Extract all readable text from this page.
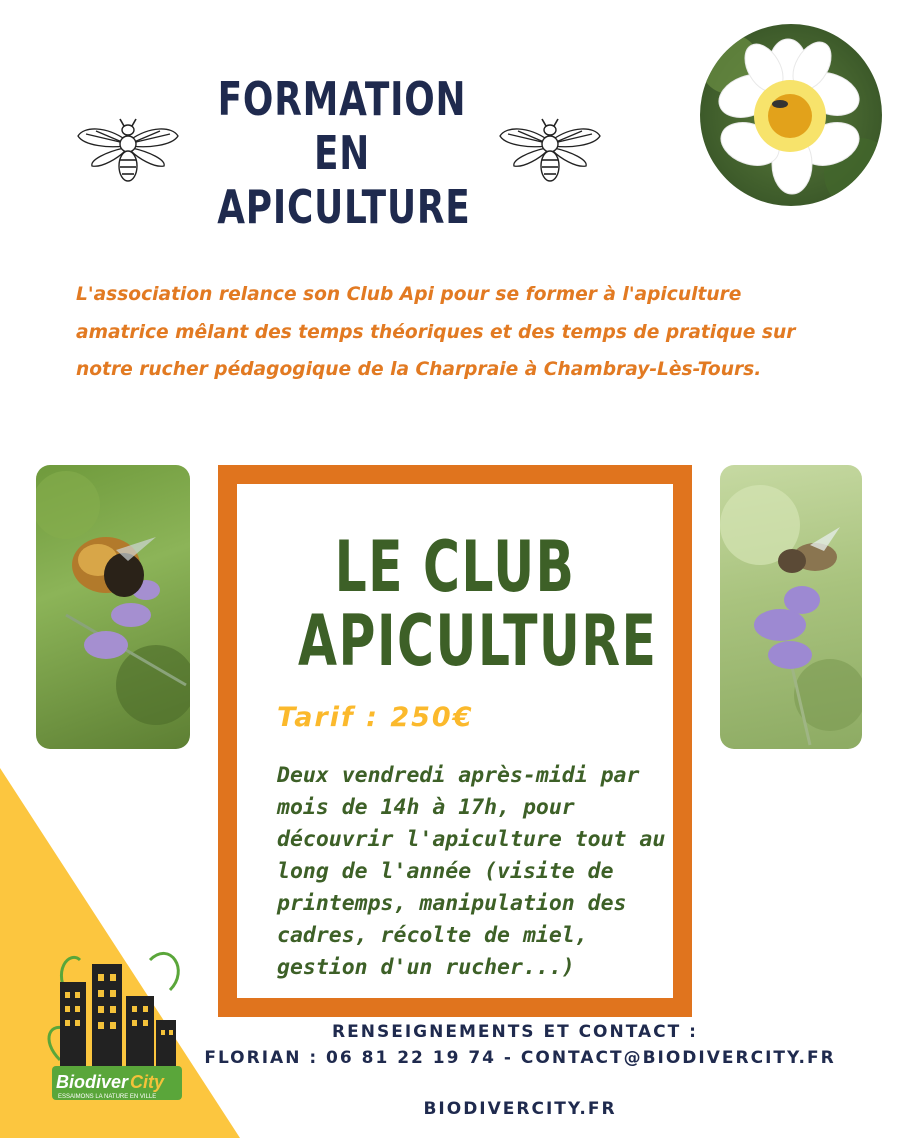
FORMATION EN
APICULTURE

L'association relance son Club Api pour se former à l'apiculture amatrice mêlant des temps théoriques et des temps de pratique sur notre rucher pédagogique de la Charpraie à Chambray-Lès-Tours.

LE CLUB
APICULTURE
Tarif : 250€

Deux vendredi après-midi par
mois de 14h à 17h, pour
découvrir l'apiculture tout au
long de l'année (visite de
printemps, manipulation des
cadres, récolte de miel,
gestion d'un rucher...)

Biodiver City
ESSAIMONS LA NATURE EN VILLE

RENSEIGNEMENTS ET CONTACT :

FLORIAN : 06 81 22 19 74 - CONTACT@BIODIVERCITY.FR

BIODIVERCITY.FR
